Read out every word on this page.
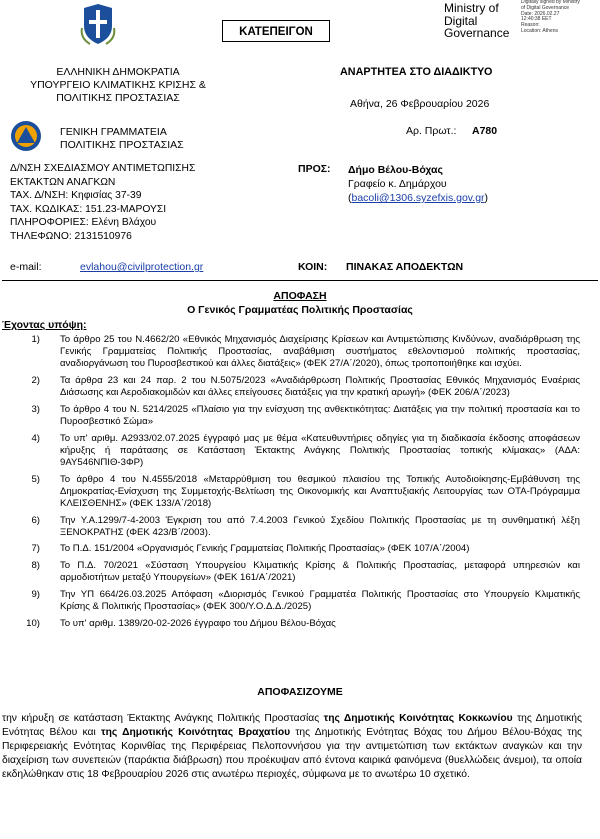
ΚΑΤΕΠΕΙΓΟΝ
Ministry of
Digital
Governance
Digitally signed by Ministry
of Digital Governance
Date: 2026.02.27
12:40:38 EET
Reason:
Location: Athens
ΕΛΛΗΝΙΚΗ ΔΗΜΟΚΡΑΤΙΑ
ΥΠΟΥΡΓΕΙΟ ΚΛΙΜΑΤΙΚΗΣ ΚΡΙΣΗΣ &
ΠΟΛΙΤΙΚΗΣ ΠΡΟΣΤΑΣΙΑΣ
ΓΕΝΙΚΗ ΓΡΑΜΜΑΤΕΙΑ
ΠΟΛΙΤΙΚΗΣ ΠΡΟΣΤΑΣΙΑΣ
ΑΝΑΡΤΗΤΕΑ ΣΤΟ ΔΙΑΔΙΚΤΥΟ
Αθήνα, 26 Φεβρουαρίου 2026
Αρ. Πρωτ.: A780
Δ/ΝΣΗ ΣΧΕΔΙΑΣΜΟΥ ΑΝΤΙΜΕΤΩΠΙΣΗΣ
ΕΚΤΑΚΤΩΝ ΑΝΑΓΚΩΝ
ΤΑΧ. Δ/ΝΣΗ: Κηφισίας 37-39
ΤΑΧ. ΚΩΔΙΚΑΣ: 151.23-ΜΑΡΟΥΣΙ
ΠΛΗΡΟΦΟΡΙΕΣ: Ελένη Βλάχου
ΤΗΛΕΦΩΝΟ: 2131510976
e-mail:	evlahou@civilprotection.gr
ΠΡΟΣ: Δήμο Βέλου-Βόχας
Γραφείο κ. Δημάρχου
(bacoli@1306.syzefxis.gov.gr)
ΚΟΙΝ: ΠΙΝΑΚΑΣ ΑΠΟΔΕΚΤΩΝ
ΑΠΟΦΑΣΗ
Ο Γενικός Γραμματέας Πολιτικής Προστασίας
Έχοντας υπόψη:
1) Το άρθρο 25 του Ν.4662/20 «Εθνικός Μηχανισμός Διαχείρισης Κρίσεων και Αντιμετώπισης Κινδύνων, αναδιάρθρωση της Γενικής Γραμματείας Πολιτικής Προστασίας, αναβάθμιση συστήματος εθελοντισμού πολιτικής προστασίας, αναδιοργάνωση του Πυροσβεστικού και άλλες διατάξεις» (ΦΕΚ 27/Α΄/2020), όπως τροποποιήθηκε και ισχύει.
2) Τα άρθρα 23 και 24 παρ. 2 του Ν.5075/2023 «Αναδιάρθρωση Πολιτικής Προστασίας Εθνικός Μηχανισμός Εναέριας Διάσωσης και Αεροδιακομιδών και άλλες επείγουσες διατάξεις για την κρατική αρωγή» (ΦΕΚ 206/Α΄/2023)
3) Το άρθρο 4 του Ν. 5214/2025 «Πλαίσιο για την ενίσχυση της ανθεκτικότητας: Διατάξεις για την πολιτική προστασία και το Πυροσβεστικό Σώμα»
4) Το υπ' αριθμ. Α2933/02.07.2025 έγγραφό μας με θέμα «Κατευθυντήριες οδηγίες για τη διαδικασία έκδοσης αποφάσεων κήρυξης ή παράτασης σε Κατάσταση Έκτακτης Ανάγκης Πολιτικής Προστασίας τοπικής κλίμακας» (ΑΔΑ: 9ΑΥ546ΝΠΙΘ-3ΦΡ)
5) Το άρθρο 4 του Ν.4555/2018 «Μεταρρύθμιση του θεσμικού πλαισίου της Τοπικής Αυτοδιοίκησης-Εμβάθυνση της Δημοκρατίας-Ενίσχυση της Συμμετοχής-Βελτίωση της Οικονομικής και Αναπτυξιακής Λειτουργίας των ΟΤΑ-Πρόγραμμα ΚΛΕΙΣΘΕΝΗΣ» (ΦΕΚ 133/Α΄/2018)
6) Την Υ.Α.1299/7-4-2003 Έγκριση του από 7.4.2003 Γενικού Σχεδίου Πολιτικής Προστασίας με τη συνθηματική λέξη ΞΕΝΟΚΡΑΤΗΣ (ΦΕΚ 423/Β΄/2003).
7) Το Π.Δ. 151/2004 «Οργανισμός Γενικής Γραμματείας Πολιτικής Προστασίας» (ΦΕΚ 107/Α΄/2004)
8) Το Π.Δ. 70/2021 «Σύσταση Υπουργείου Κλιματικής Κρίσης & Πολιτικής Προστασίας, μεταφορά υπηρεσιών και αρμοδιοτήτων μεταξύ Υπουργείων» (ΦΕΚ 161/Α΄/2021)
9) Την ΥΠ 664/26.03.2025 Απόφαση «Διορισμός Γενικού Γραμματέα Πολιτικής Προστασίας στο Υπουργείο Κλιματικής Κρίσης & Πολιτικής Προστασίας» (ΦΕΚ 300/Υ.Ο.Δ.Δ./2025)
10) Το υπ' αριθμ. 1389/20-02-2026 έγγραφο του Δήμου Βέλου-Βόχας
ΑΠΟΦΑΣΙΖΟΥΜΕ
την κήρυξη σε κατάσταση Έκτακτης Ανάγκης Πολιτικής Προστασίας της Δημοτικής Κοινότητας Κοκκωνίου της Δημοτικής Ενότητας Βέλου και της Δημοτικής Κοινότητας Βραχατίου της Δημοτικής Ενότητας Βόχας του Δήμου Βέλου-Βόχας της Περιφερειακής Ενότητας Κορινθίας της Περιφέρειας Πελοποννήσου για την αντιμετώπιση των εκτάκτων αναγκών και την διαχείριση των συνεπειών (παράκτια διάβρωση) που προέκυψαν από έντονα καιρικά φαινόμενα (θυελλώδεις άνεμοι), τα οποία εκδηλώθηκαν στις 18 Φεβρουαρίου 2026 στις ανωτέρω περιοχές, σύμφωνα με το ανωτέρω 10 σχετικό.
